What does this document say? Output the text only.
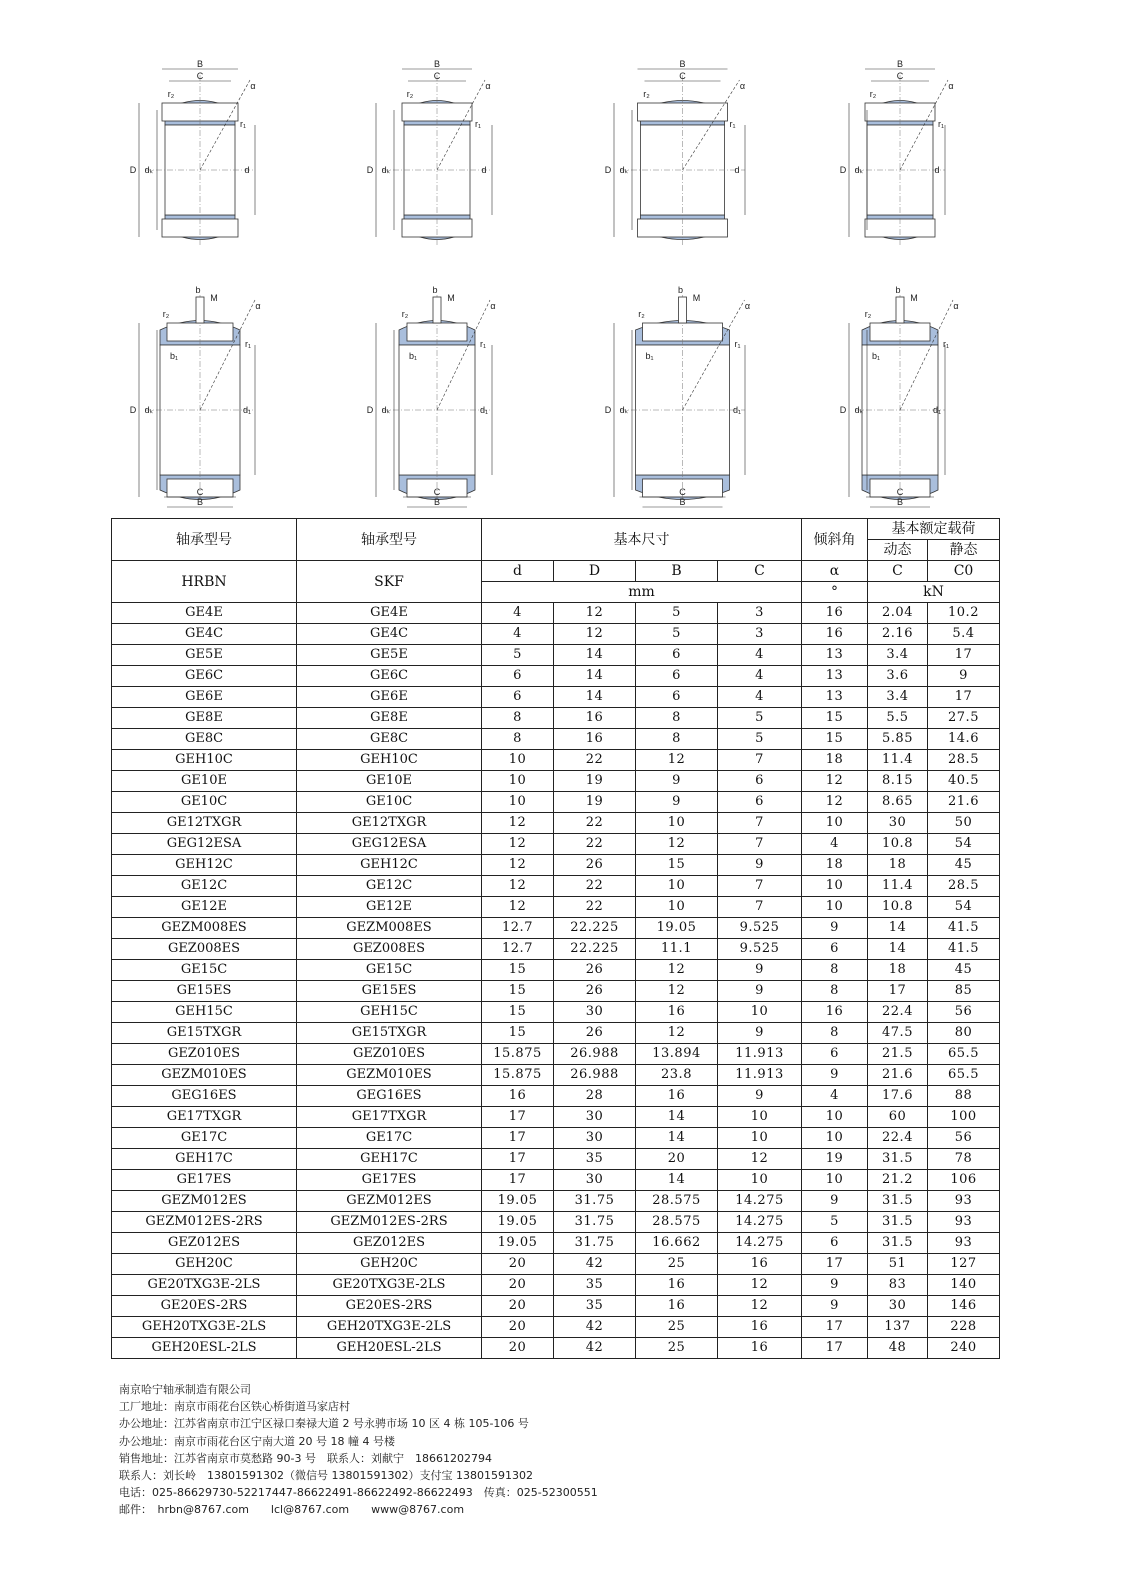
D dₖ	d
B
C
r₂
r₁
α
D dₖ	d
B
C
r₂
r₁
α
D dₖ	d
B
C
r₂
r₁
α
D dₖ	d
B
C
r₂
r₁
α
D dₖ	d₁
b
M
b₁
B
C
r₂
r₁
α
D dₖ	d₁
b
M
b₁
B
C
r₂
r₁
α
D dₖ	d₁
b
M
b₁
B
C
r₂
r₁
α
D dₖ	d₁
b
M
b₁
B
C
r₂
r₁
α
轴承型号	轴承型号	基本尺寸				倾斜角	基本额定载荷	
							动态	静态
HRBN	SKF	d	D	B	C	α	C	C0
		mm				°	kN	
GE4E	GE4E	4	12	5	3	16	2.04	10.2
GE4C	GE4C	4	12	5	3	16	2.16	5.4
GE5E	GE5E	5	14	6	4	13	3.4	17
GE6C	GE6C	6	14	6	4	13	3.6	9
GE6E	GE6E	6	14	6	4	13	3.4	17
GE8E	GE8E	8	16	8	5	15	5.5	27.5
GE8C	GE8C	8	16	8	5	15	5.85	14.6
GEH10C	GEH10C	10	22	12	7	18	11.4	28.5
GE10E	GE10E	10	19	9	6	12	8.15	40.5
GE10C	GE10C	10	19	9	6	12	8.65	21.6
GE12TXGR	GE12TXGR	12	22	10	7	10	30	50
GEG12ESA	GEG12ESA	12	22	12	7	4	10.8	54
GEH12C	GEH12C	12	26	15	9	18	18	45
GE12C	GE12C	12	22	10	7	10	11.4	28.5
GE12E	GE12E	12	22	10	7	10	10.8	54
GEZM008ES	GEZM008ES	12.7	22.225	19.05	9.525	9	14	41.5
GEZ008ES	GEZ008ES	12.7	22.225	11.1	9.525	6	14	41.5
GE15C	GE15C	15	26	12	9	8	18	45
GE15ES	GE15ES	15	26	12	9	8	17	85
GEH15C	GEH15C	15	30	16	10	16	22.4	56
GE15TXGR	GE15TXGR	15	26	12	9	8	47.5	80
GEZ010ES	GEZ010ES	15.875	26.988	13.894	11.913	6	21.5	65.5
GEZM010ES	GEZM010ES	15.875	26.988	23.8	11.913	9	21.6	65.5
GEG16ES	GEG16ES	16	28	16	9	4	17.6	88
GE17TXGR	GE17TXGR	17	30	14	10	10	60	100
GE17C	GE17C	17	30	14	10	10	22.4	56
GEH17C	GEH17C	17	35	20	12	19	31.5	78
GE17ES	GE17ES	17	30	14	10	10	21.2	106
GEZM012ES	GEZM012ES	19.05	31.75	28.575	14.275	9	31.5	93
GEZM012ES-2RS	GEZM012ES-2RS	19.05	31.75	28.575	14.275	5	31.5	93
GEZ012ES	GEZ012ES	19.05	31.75	16.662	14.275	6	31.5	93
GEH20C	GEH20C	20	42	25	16	17	51	127
GE20TXG3E-2LS	GE20TXG3E-2LS	20	35	16	12	9	83	140
GE20ES-2RS	GE20ES-2RS	20	35	16	12	9	30	146
GEH20TXG3E-2LS	GEH20TXG3E-2LS	20	42	25	16	17	137	228
GEH20ESL-2LS	GEH20ESL-2LS	20	42	25	16	17	48	240
南京哈宁轴承制造有限公司
工厂地址：南京市雨花台区铁心桥街道马家店村
办公地址：江苏省南京市江宁区禄口秦禄大道 2 号永骋市场 10 区 4 栋 105-106 号
办公地址：南京市雨花台区宁南大道 20 号 18 幢 4 号楼
销售地址：江苏省南京市莫愁路 90-3 号　联系人：刘献宁　18661202794
联系人：刘长岭　13801591302（微信号 13801591302）支付宝 13801591302
电话：025-86629730-52217447-86622491-86622492-86622493　传真：025-52300551
邮件：　hrbn@8767.com　　lcl@8767.com　　www@8767.com
